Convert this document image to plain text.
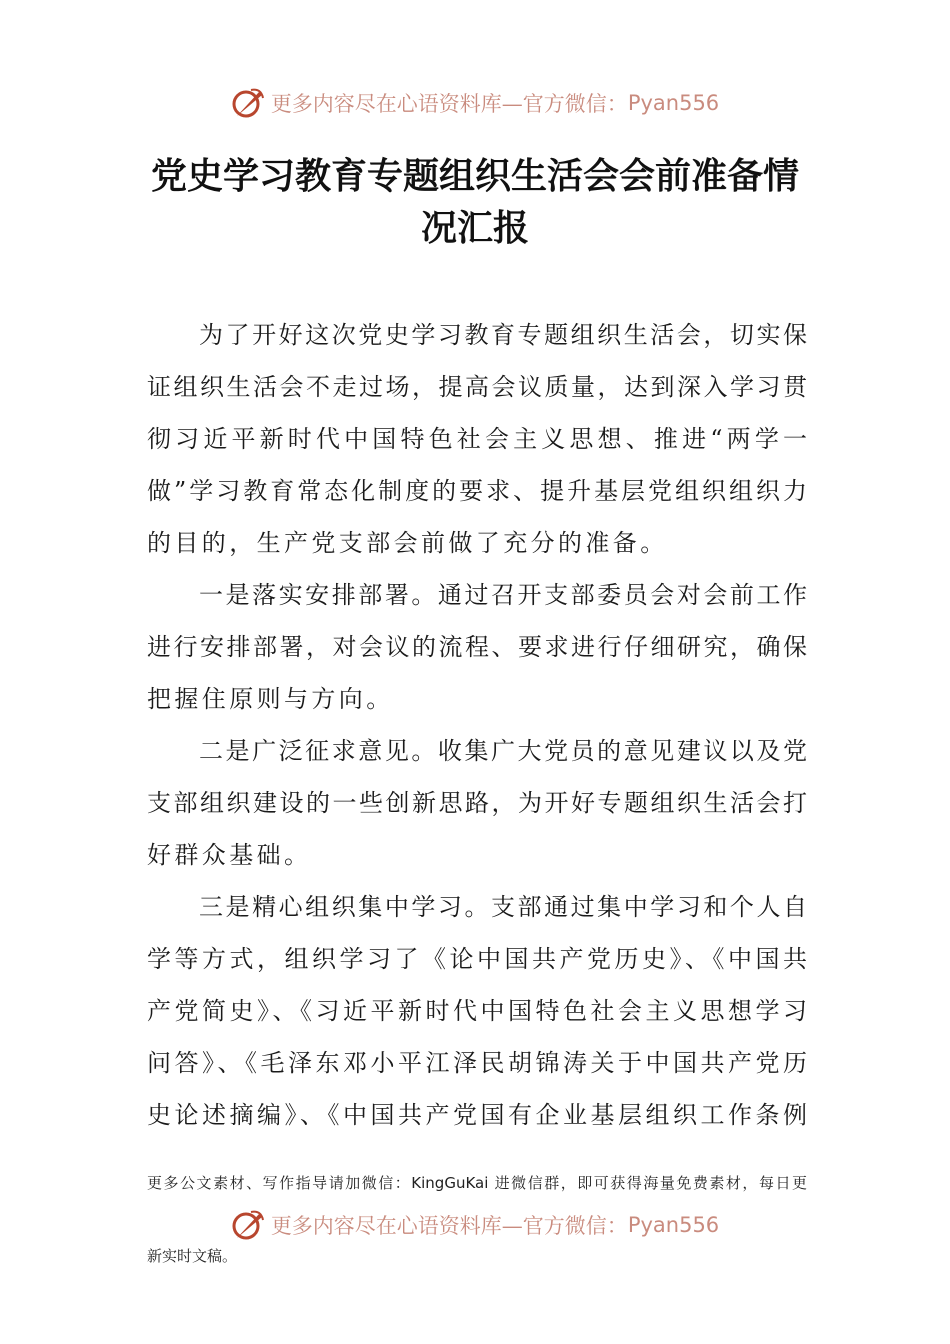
更多内容尽在心语资料库—官方微信： Pyan556
党史学习教育专题组织生活会会前准备情
况汇报
为了开好这次党史学习教育专题组织生活会，切实保
证组织生活会不走过场，提高会议质量，达到深入学习贯
彻习近平新时代中国特色社会主义思想、推进“两学一
做”学习教育常态化制度的要求、提升基层党组织组织力
的目的，生产党支部会前做了充分的准备。
一是落实安排部署。通过召开支部委员会对会前工作
进行安排部署，对会议的流程、要求进行仔细研究，确保
把握住原则与方向。
二是广泛征求意见。收集广大党员的意见建议以及党
支部组织建设的一些创新思路，为开好专题组织生活会打
好群众基础。
三是精心组织集中学习。支部通过集中学习和个人自
学等方式，组织学习了《论中国共产党历史》、《中国共
产党简史》、《习近平新时代中国特色社会主义思想学习
问答》、《毛泽东邓小平江泽民胡锦涛关于中国共产党历
史论述摘编》、《中国共产党国有企业基层组织工作条例
更多公文素材、写作指导请加微信：KingGuKai 进微信群，即可获得海量免费素材，每日更
更多内容尽在心语资料库—官方微信： Pyan556
新实时文稿。
